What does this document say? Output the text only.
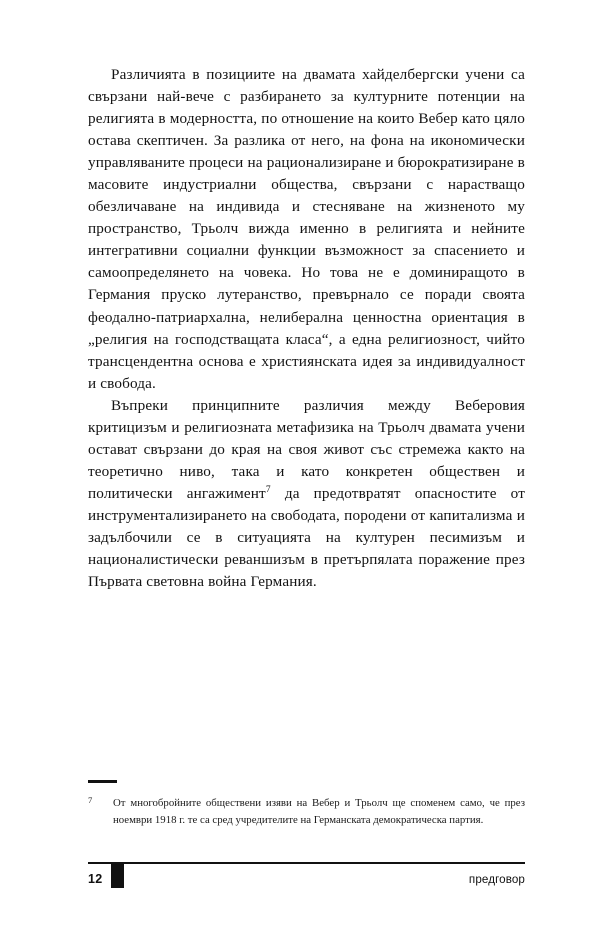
Различията в позициите на двамата хайделбергски учени са свързани най-вече с разбирането за културните потенции на религията в модерността, по отношение на които Вебер като цяло остава скептичен. За разлика от него, на фона на икономически управляваните процеси на рационализиране и бюрократизиране в масовите индустриални общества, свързани с нарастващо обезличаване на индивида и стесняване на жизненото му пространство, Трьолч вижда именно в религията и нейните интегративни социални функции възможност за спасението и самоопределянето на човека. Но това не е доминиращото в Германия пруско лутеранство, превърнало се поради своята феодално-патриархална, нелиберална ценностна ориентация в „религия на господстващата класа“, а една религиозност, чийто трансцендентна основа е християнската идея за индивидуалност и свобода.

Въпреки принципните различия между Веберовия критицизъм и религиозната метафизика на Трьолч двамата учени остават свързани до края на своя живот със стремежа както на теоретично ниво, така и като конкретен обществен и политически ангажимент$^7$ да предотвратят опасностите от инструментализирането на свободата, породени от капитализма и задълбочили се в ситуацията на културен песимизъм и националистически реваншизъм в претърпялата поражение през Първата световна война Германия.

7 От многобройните обществени изяви на Вебер и Трьолч ще споменем само, че през ноември 1918 г. те са сред учредителите на Германската демократическа партия.
12	предговор
